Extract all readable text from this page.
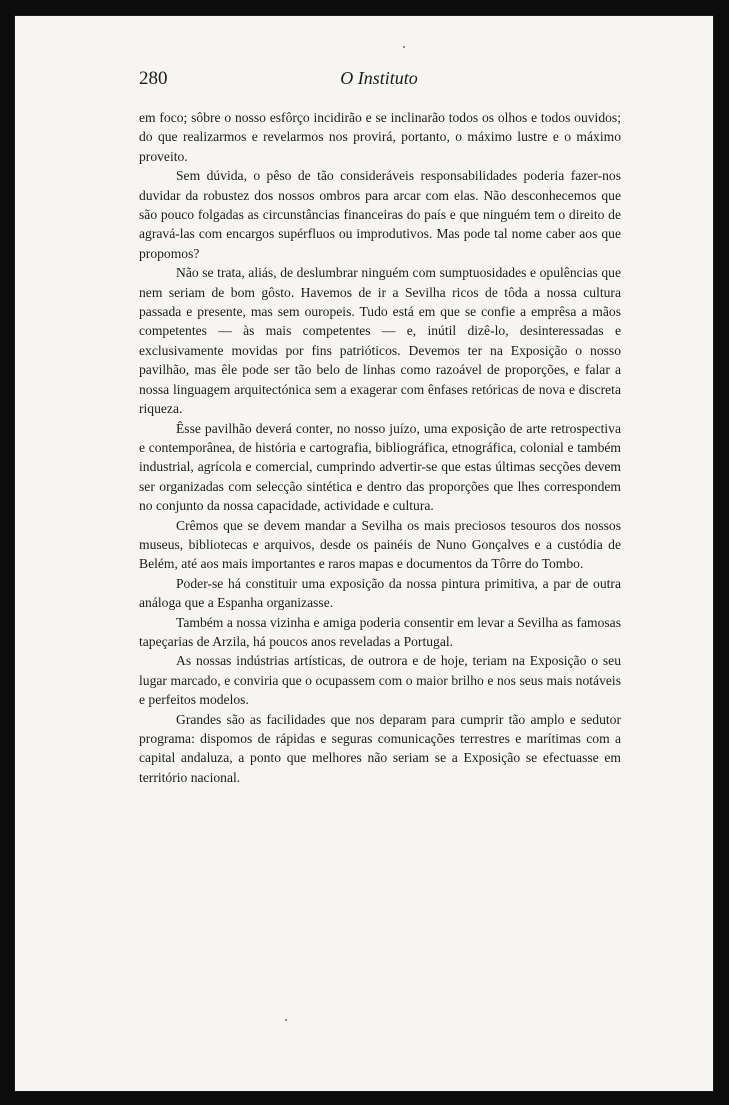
280	O Instituto

em foco; sôbre o nosso esfôrço incidirão e se inclinarão todos os olhos e todos ouvidos; do que realizarmos e revelarmos nos provirá, portanto, o máximo lustre e o máximo proveito.

Sem dúvida, o pêso de tão consideráveis responsabilidades poderia fazer-nos duvidar da robustez dos nossos ombros para arcar com elas. Não desconhecemos que são pouco folgadas as circunstâncias financeiras do país e que ninguém tem o direito de agravá-las com encargos supérfluos ou improdutivos. Mas pode tal nome caber aos que propomos?

Não se trata, aliás, de deslumbrar ninguém com sumptuosidades e opulências que nem seriam de bom gôsto. Havemos de ir a Sevilha ricos de tôda a nossa cultura passada e presente, mas sem ouropeis. Tudo está em que se confie a emprêsa a mãos competentes — às mais competentes — e, inútil dizê-lo, desinteressadas e exclusivamente movidas por fins patrióticos. Devemos ter na Exposição o nosso pavilhão, mas êle pode ser tão belo de linhas como razoável de proporções, e falar a nossa linguagem arquitectónica sem a exagerar com ênfases retóricas de nova e discreta riqueza.

Êsse pavilhão deverá conter, no nosso juízo, uma exposição de arte retrospectiva e contemporânea, de história e cartografia, bibliográfica, etnográfica, colonial e também industrial, agrícola e comercial, cumprindo advertir-se que estas últimas secções devem ser organizadas com selecção sintética e dentro das proporções que lhes correspondem no conjunto da nossa capacidade, actividade e cultura.

Crêmos que se devem mandar a Sevilha os mais preciosos tesouros dos nossos museus, bibliotecas e arquivos, desde os painéis de Nuno Gonçalves e a custódia de Belém, até aos mais importantes e raros mapas e documentos da Tôrre do Tombo.

Poder-se há constituir uma exposição da nossa pintura primitiva, a par de outra análoga que a Espanha organizasse.

Também a nossa vizinha e amiga poderia consentir em levar a Sevilha as famosas tapeçarias de Arzila, há poucos anos reveladas a Portugal.

As nossas indústrias artísticas, de outrora e de hoje, teriam na Exposição o seu lugar marcado, e conviria que o ocupassem com o maior brilho e nos seus mais notáveis e perfeitos modelos.

Grandes são as facilidades que nos deparam para cumprir tão amplo e sedutor programa: dispomos de rápidas e seguras comunicações terrestres e marítimas com a capital andaluza, a ponto que melhores não seriam se a Exposição se efectuasse em território nacional.
